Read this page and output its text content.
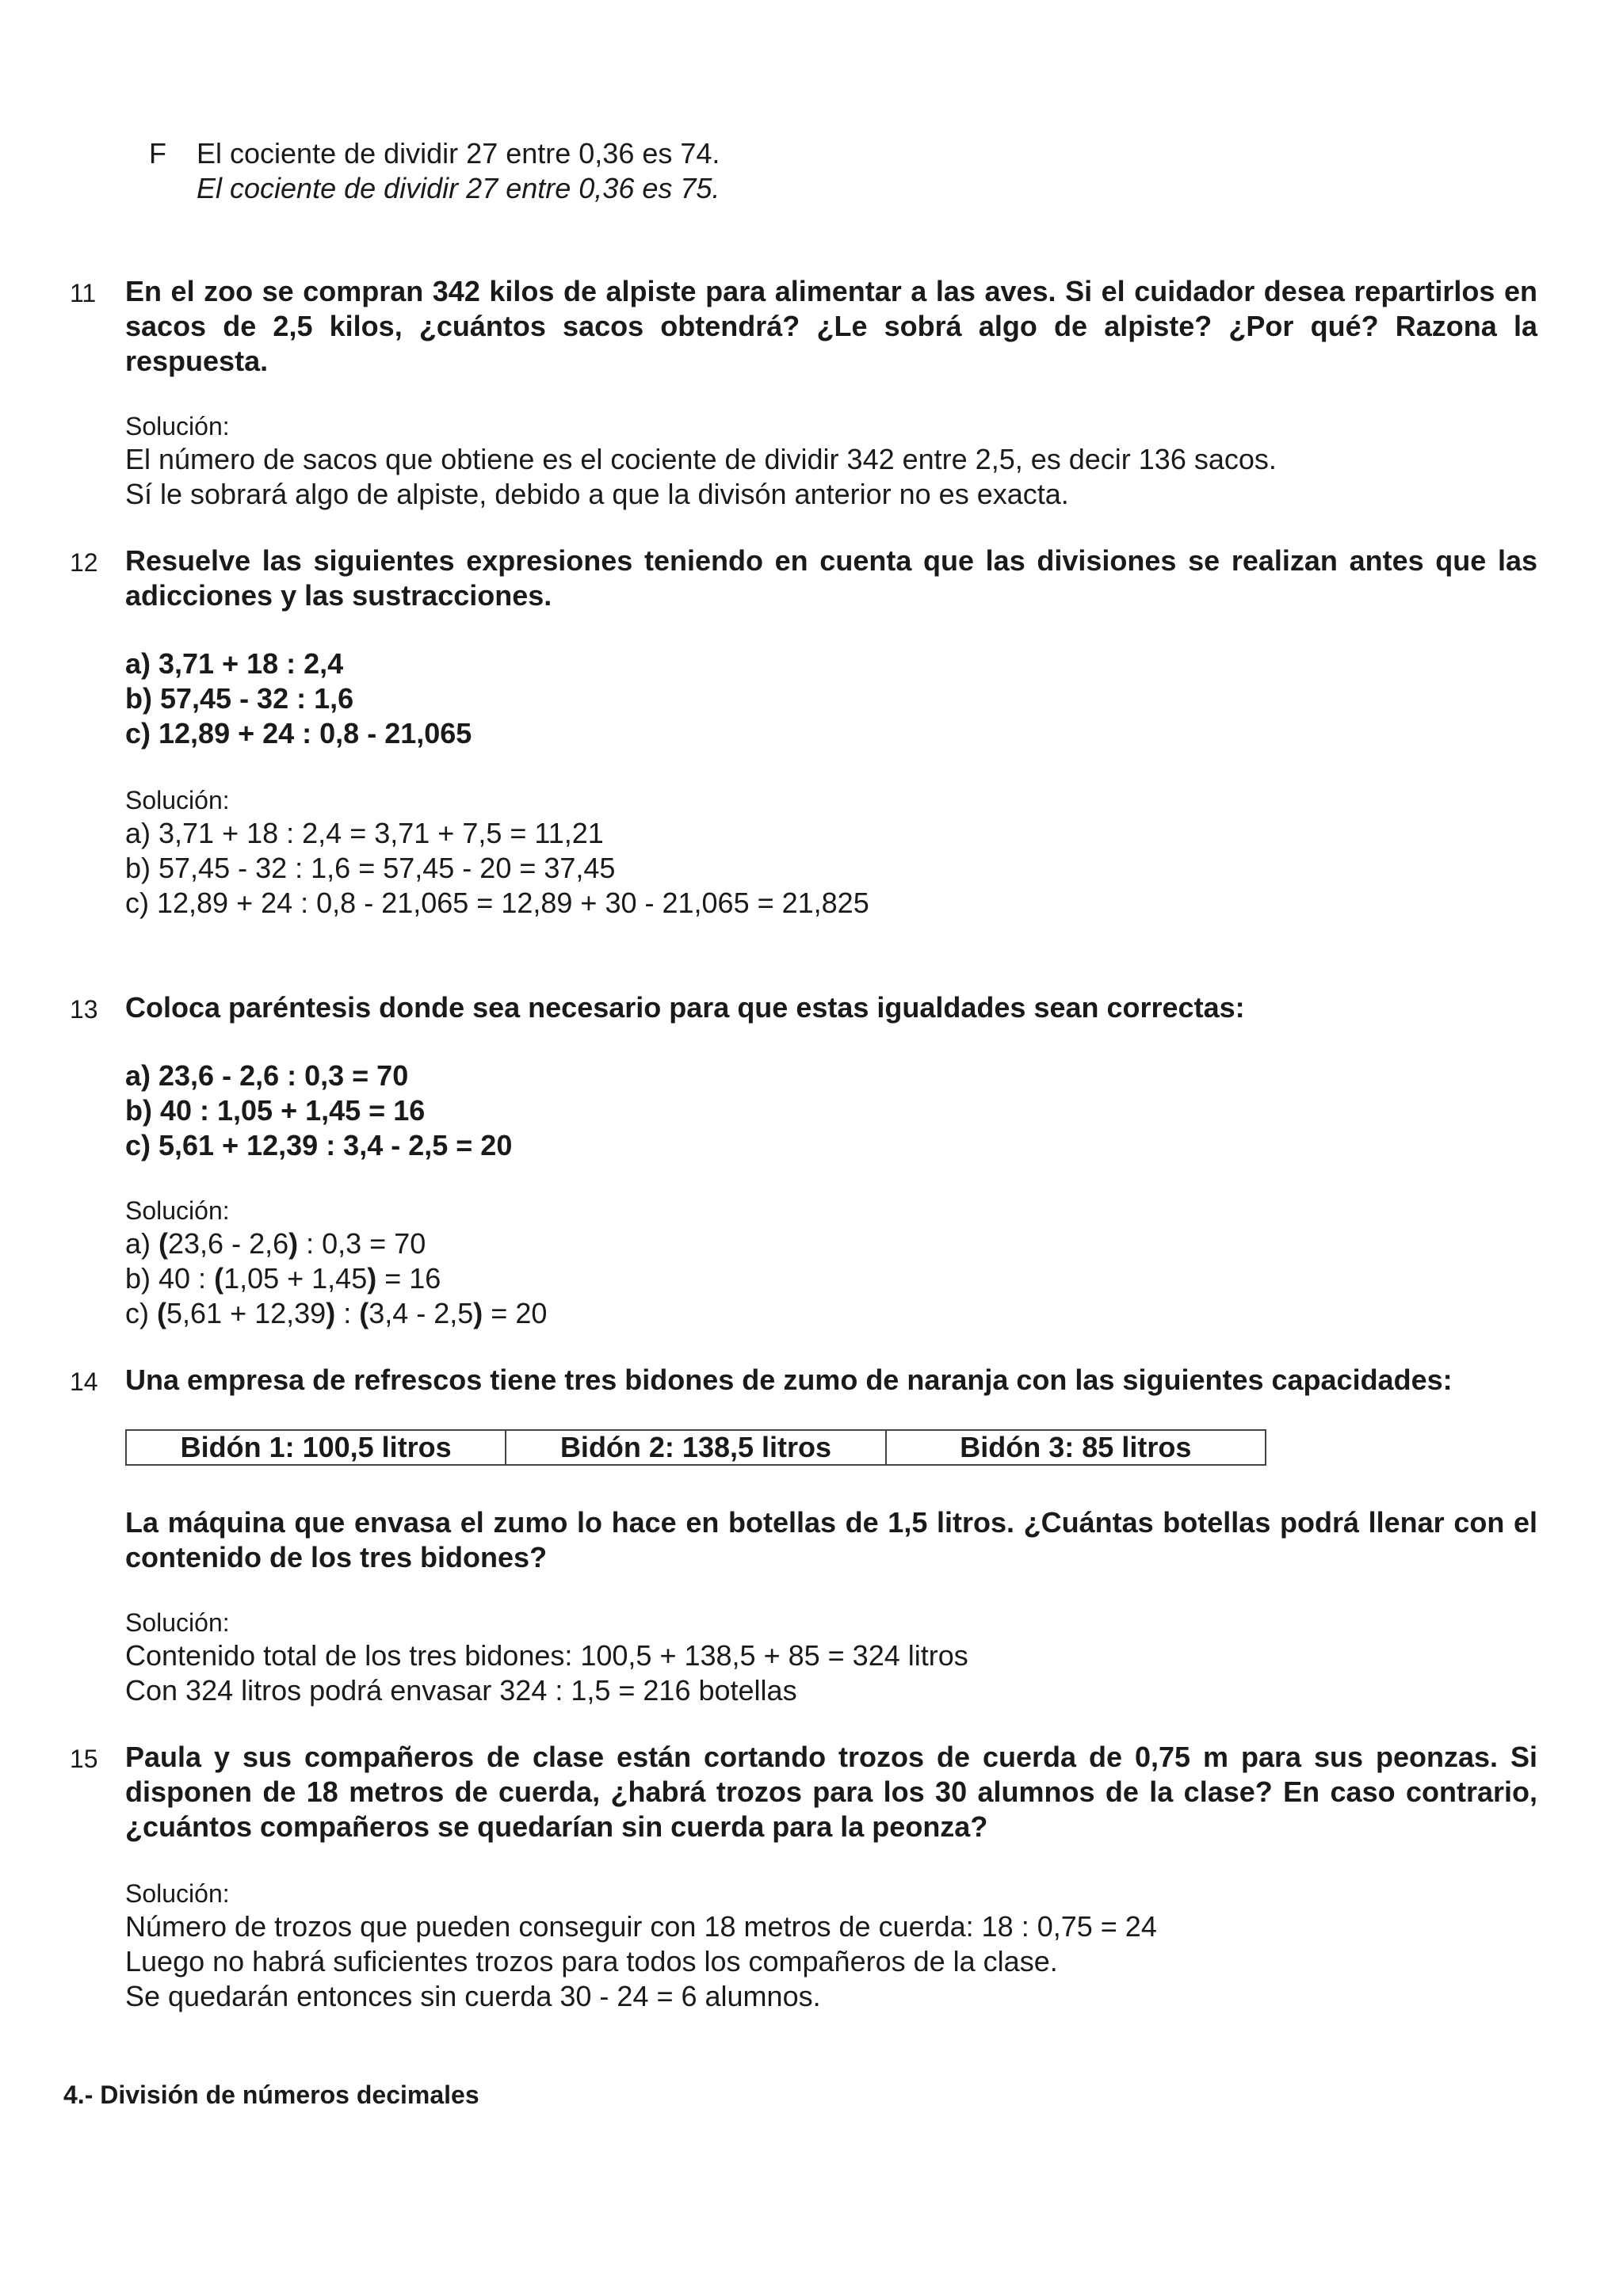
F El cociente de dividir 27 entre 0,36 es 74.
El cociente de dividir 27 entre 0,36 es 75.
11 En el zoo se compran 342 kilos de alpiste para alimentar a las aves. Si el cuidador desea repartirlos en sacos de 2,5 kilos, ¿cuántos sacos obtendrá? ¿Le sobrá algo de alpiste? ¿Por qué? Razona la respuesta.
Solución:
El número de sacos que obtiene es el cociente de dividir 342 entre 2,5, es decir 136 sacos.
Sí le sobrará algo de alpiste, debido a que la divisón anterior no es exacta.
12 Resuelve las siguientes expresiones teniendo en cuenta que las divisiones se realizan antes que las adicciones y las sustracciones.
a) 3,71 + 18 : 2,4
b) 57,45 - 32 : 1,6
c) 12,89 + 24 : 0,8 - 21,065
Solución:
a) 3,71 + 18 : 2,4 = 3,71 + 7,5 = 11,21
b) 57,45 - 32 : 1,6 = 57,45 - 20 = 37,45
c) 12,89 + 24 : 0,8 - 21,065 = 12,89 + 30 - 21,065 = 21,825
13 Coloca paréntesis donde sea necesario para que estas igualdades sean correctas:
a) 23,6 - 2,6 : 0,3 = 70
b) 40 : 1,05 + 1,45 = 16
c) 5,61 + 12,39 : 3,4 - 2,5 = 20
Solución:
a) (23,6 - 2,6) : 0,3 = 70
b) 40 : (1,05 + 1,45) = 16
c) (5,61 + 12,39) : (3,4 - 2,5) = 20
14 Una empresa de refrescos tiene tres bidones de zumo de naranja con las siguientes capacidades:
Bidón 1: 100,5 litros	Bidón 2: 138,5 litros	Bidón 3: 85 litros
La máquina que envasa el zumo lo hace en botellas de 1,5 litros. ¿Cuántas botellas podrá llenar con el contenido de los tres bidones?
Solución:
Contenido total de los tres bidones: 100,5 + 138,5 + 85 = 324 litros
Con 324 litros podrá envasar 324 : 1,5 = 216 botellas
15 Paula y sus compañeros de clase están cortando trozos de cuerda de 0,75 m para sus peonzas. Si disponen de 18 metros de cuerda, ¿habrá trozos para los 30 alumnos de la clase? En caso contrario, ¿cuántos compañeros se quedarían sin cuerda para la peonza?
Solución:
Número de trozos que pueden conseguir con 18 metros de cuerda: 18 : 0,75 = 24
Luego no habrá suficientes trozos para todos los compañeros de la clase.
Se quedarán entonces sin cuerda 30 - 24 = 6 alumnos.
4.- División de números decimales
